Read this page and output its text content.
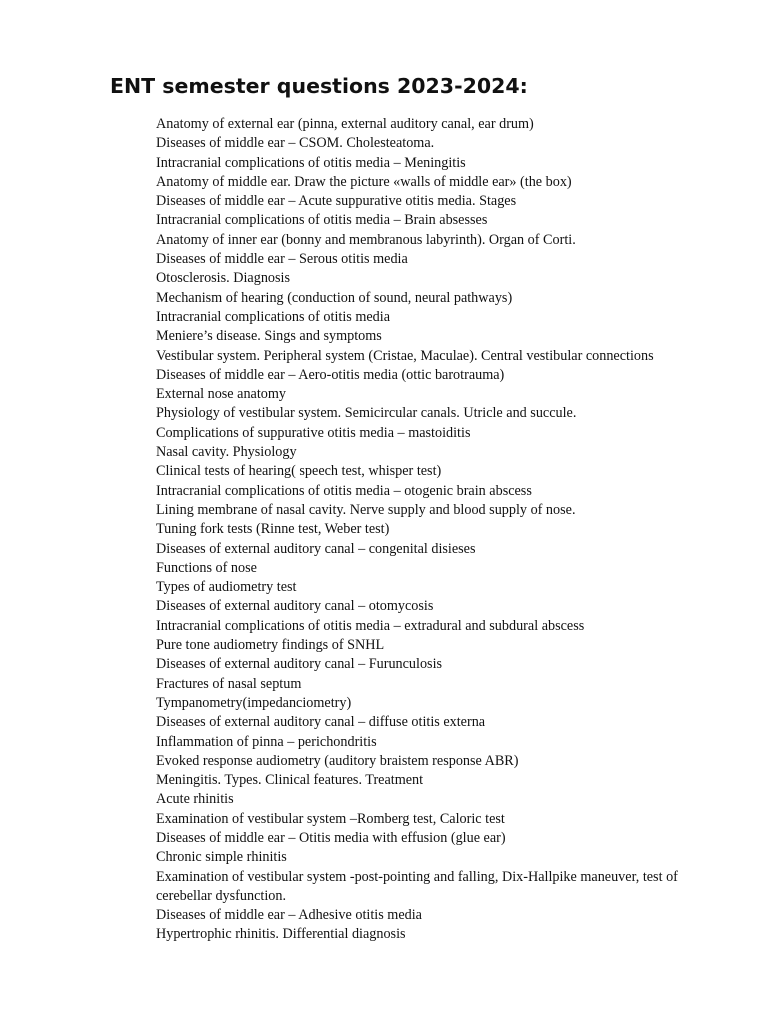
ENT semester questions 2023-2024:
Anatomy of external ear (pinna, external auditory canal, ear drum)
Diseases of middle ear – CSOM. Cholesteatoma.
Intracranial complications of otitis media – Meningitis
Anatomy of middle ear. Draw the picture «walls of middle ear» (the box)
Diseases of middle ear – Acute suppurative otitis media. Stages
Intracranial complications of otitis media – Brain absesses
Anatomy of inner ear (bonny and membranous labyrinth). Organ of Corti.
Diseases of middle ear – Serous otitis media
Otosclerosis. Diagnosis
Mechanism of hearing (conduction of sound, neural pathways)
Intracranial complications of otitis media
Meniere’s disease. Sings and symptoms
Vestibular system. Peripheral system (Cristae, Maculae). Central vestibular connections
Diseases of middle ear – Aero-otitis media (ottic barotrauma)
External nose anatomy
Physiology of vestibular system. Semicircular canals. Utricle and succule.
Complications of suppurative otitis media – mastoiditis
Nasal cavity. Physiology
Clinical tests of hearing( speech test, whisper test)
Intracranial complications of otitis media – otogenic brain abscess
Lining membrane of nasal cavity. Nerve supply and blood supply of nose.
Tuning fork tests (Rinne test, Weber test)
Diseases of external auditory canal – congenital disieses
Functions of nose
Types of audiometry test
Diseases of external auditory canal – otomycosis
Intracranial complications of otitis media – extradural and subdural abscess
Pure tone audiometry findings of SNHL
Diseases of external auditory canal – Furunculosis
Fractures of nasal septum
Tympanometry(impedanciometry)
Diseases of external auditory canal – diffuse otitis externa
Inflammation of pinna – perichondritis
Evoked response audiometry (auditory braistem response ABR)
Meningitis. Types. Clinical features. Treatment
Acute rhinitis
Examination of vestibular system –Romberg test, Caloric test
Diseases of middle ear – Otitis media with effusion (glue ear)
Chronic simple rhinitis
Examination of vestibular system -post-pointing and falling, Dix-Hallpike maneuver, test of cerebellar dysfunction.
Diseases of middle ear – Adhesive otitis media
Hypertrophic rhinitis. Differential diagnosis
